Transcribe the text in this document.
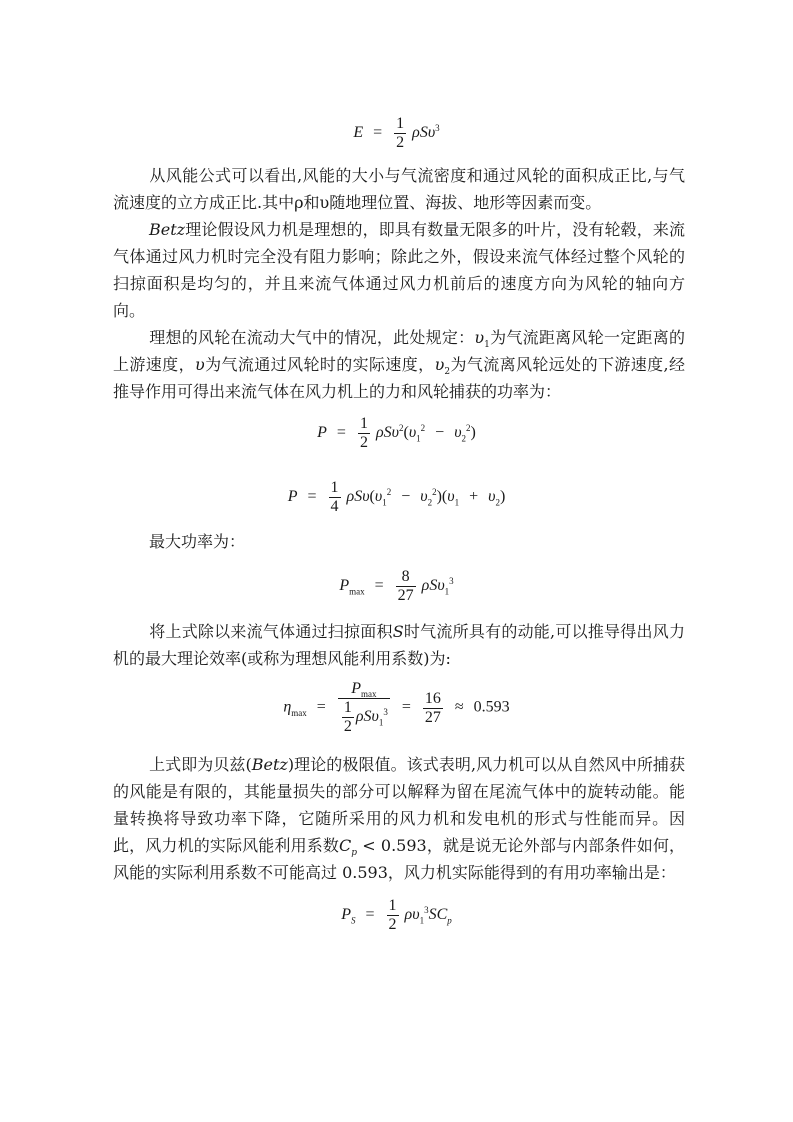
$E = \frac{1}{2} \rho S\upsilon^3$

从风能公式可以看出,风能的大小与气流密度和通过风轮的面积成正比,与气流速度的立方成正比.其中ρ和υ随地理位置、海拔、地形等因素而变。

Betz理论假设风力机是理想的，即具有数量无限多的叶片，没有轮毂，来流气体通过风力机时完全没有阻力影响；除此之外，假设来流气体经过整个风轮的扫掠面积是均匀的，并且来流气体通过风力机前后的速度方向为风轮的轴向方向。

理想的风轮在流动大气中的情况，此处规定：$\upsilon_1$为气流距离风轮一定距离的上游速度，υ为气流通过风轮时的实际速度，$\upsilon_2$为气流离风轮远处的下游速度,经推导作用可得出来流气体在风力机上的力和风轮捕获的功率为：

$P = \frac{1}{2} \rho S\upsilon^2(\upsilon_1^2 - \upsilon_2^2)$
$P = \frac{1}{4} \rho S\upsilon(\upsilon_1^2 - \upsilon_2^2)(\upsilon_1 + \upsilon_2)$

最大功率为：

$P_{max} = \frac{8}{27} \rho S\upsilon_1^3$

将上式除以来流气体通过扫掠面积S时气流所具有的动能,可以推导得出风力机的最大理论效率(或称为理想风能利用系数)为:

$\eta_{max} = \frac{P_{max}}{\frac{1}{2} \rho S\upsilon_1^3} = \frac{16}{27} \approx 0.593$

上式即为贝兹(Betz)理论的极限值。该式表明,风力机可以从自然风中所捕获的风能是有限的，其能量损失的部分可以解释为留在尾流气体中的旋转动能。能量转换将导致功率下降，它随所采用的风力机和发电机的形式与性能而异。因此，风力机的实际风能利用系数$C_p < 0.593$，就是说无论外部与内部条件如何，风能的实际利用系数不可能高过 0.593，风力机实际能得到的有用功率输出是：

$P_S = \frac{1}{2} \rho\upsilon_1^3SC_p$
